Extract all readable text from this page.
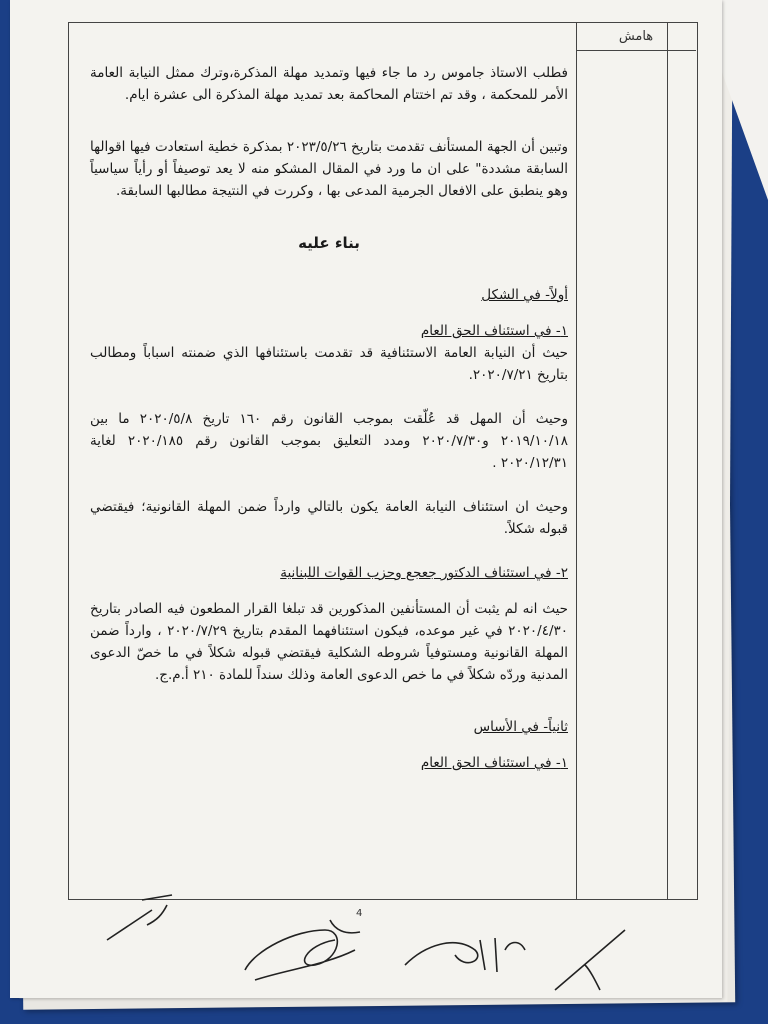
هامش

فطلب الاستاذ جاموس رد ما جاء فيها وتمديد مهلة المذكرة،وترك ممثل النيابة العامة الأمر للمحكمة ، وقد تم اختتام المحاكمة بعد تمديد مهلة المذكرة الى عشرة ايام.

وتبين أن الجهة المستأنف تقدمت بتاريخ ٢٠٢٣/٥/٢٦ بمذكرة خطية استعادت فيها اقوالها السابقة مشددة" على ان ما ورد في المقال المشكو منه لا يعد توصيفاً أو رأياً سياسياً وهو ينطبق على الافعال الجرمية المدعى بها ، وكررت في النتيجة مطالبها السابقة.

بناء عليه

أولاً- في الشكل

١- في استئناف الحق العام

حيث أن النيابة العامة الاستئنافية قد تقدمت باستئنافها الذي ضمنته اسباباً ومطالب بتاريخ ٢٠٢٠/٧/٢١.

وحيث أن المهل قد عُلّقت بموجب القانون رقم ١٦٠ تاريخ ٢٠٢٠/٥/٨ ما بين ٢٠١٩/١٠/١٨ و٢٠٢٠/٧/٣٠ ومدد التعليق بموجب القانون رقم ٢٠٢٠/١٨٥ لغاية ٢٠٢٠/١٢/٣١ .

وحيث ان استئناف النيابة العامة يكون بالتالي وارداً ضمن المهلة القانونية؛ فيقتضي قبوله شكلاً.

٢- في استئناف الدكتور جعجع وحزب القوات اللبنانية

حيث انه لم يثبت أن المستأنفين المذكورين قد تبلغا القرار المطعون فيه الصادر بتاريخ ٢٠٢٠/٤/٣٠ في غير موعده، فيكون استئنافهما المقدم بتاريخ ٢٠٢٠/٧/٢٩ ، وارداً ضمن المهلة القانونية ومستوفياً شروطه الشكلية فيقتضي قبوله شكلاً في ما خصّ الدعوى المدنية وردّه شكلاً في ما خص الدعوى العامة وذلك سنداً للمادة ٢١٠ أ.م.ج.

ثانياً- في الأساس

١- في استئناف الحق العام

4
